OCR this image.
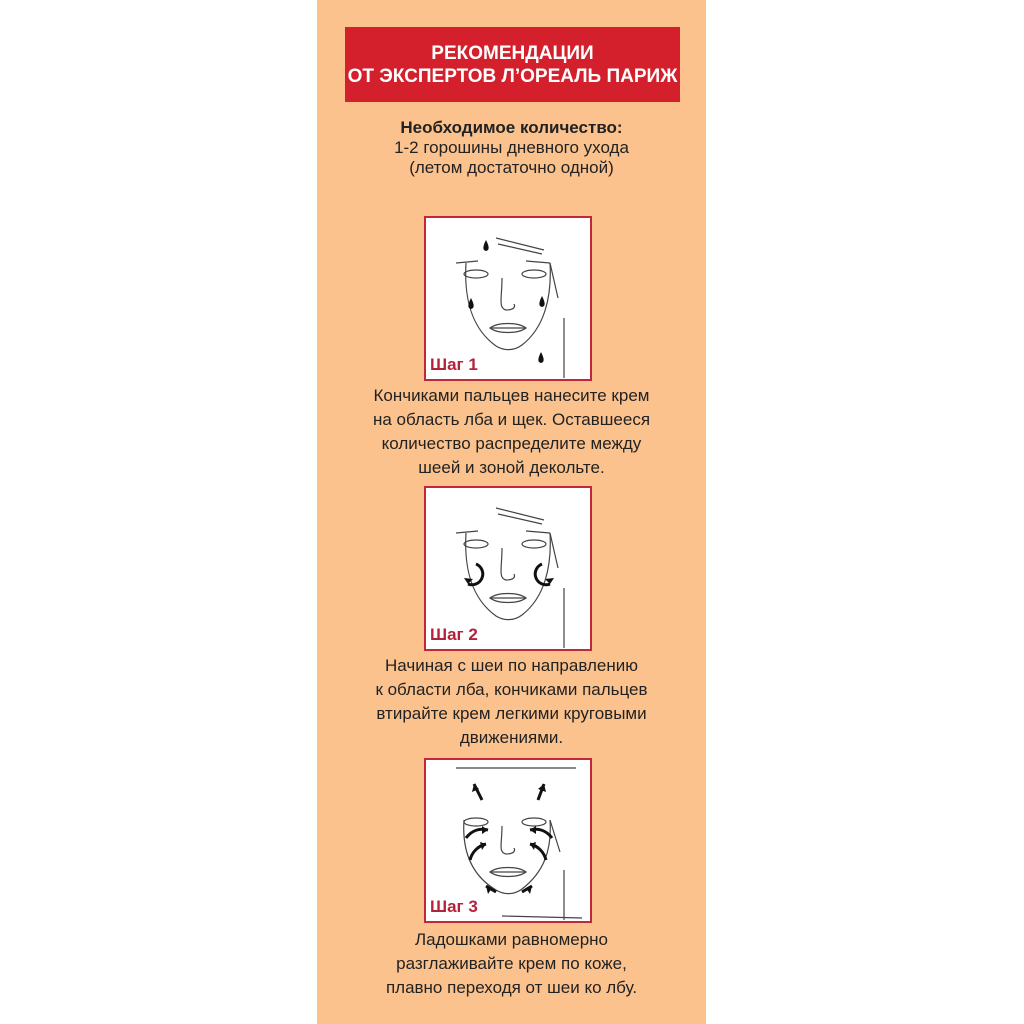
РЕКОМЕНДАЦИИ
ОТ ЭКСПЕРТОВ Л’ОРЕАЛЬ ПАРИЖ
Необходимое количество:
1-2 горошины дневного ухода
(летом достаточно одной)
Шаг 1
Кончиками пальцев нанесите крем
на область лба и щек. Оставшееся
количество распределите между
шеей и зоной декольте.
Шаг 2
Начиная с шеи по направлению
к области лба, кончиками пальцев
втирайте крем легкими круговыми
движениями.
Шаг 3
Ладошками равномерно
разглаживайте крем по коже,
плавно переходя от шеи ко лбу.
